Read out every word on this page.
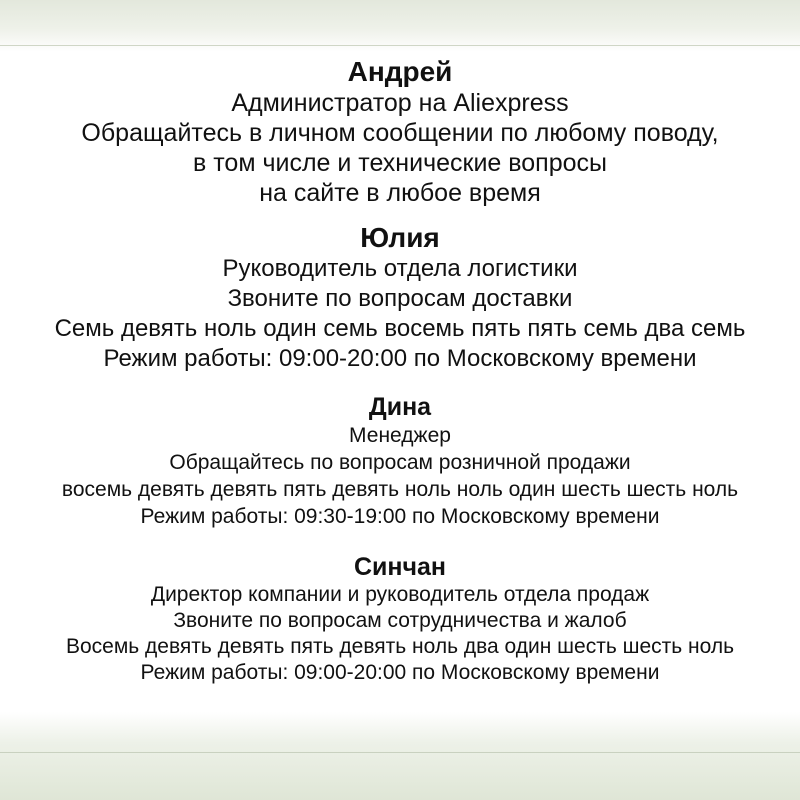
Андрей

Администратор на Aliexpress

Обращайтесь в личном сообщении по любому поводу,

в том числе и технические вопросы

на сайте в любое время

Юлия

Руководитель отдела логистики

Звоните по вопросам доставки

Семь девять ноль один семь восемь пять пять семь два семь

Режим работы: 09:00-20:00 по Московскому времени

Дина

Менеджер

Обращайтесь по вопросам розничной продажи

восемь девять девять пять девять ноль ноль один шесть шесть ноль

Режим работы: 09:30-19:00 по Московскому времени

Синчан

Директор компании и руководитель отдела продаж

Звоните по вопросам сотрудничества и жалоб

Восемь девять девять пять девять ноль два один шесть шесть ноль

Режим работы: 09:00-20:00 по Московскому времени
